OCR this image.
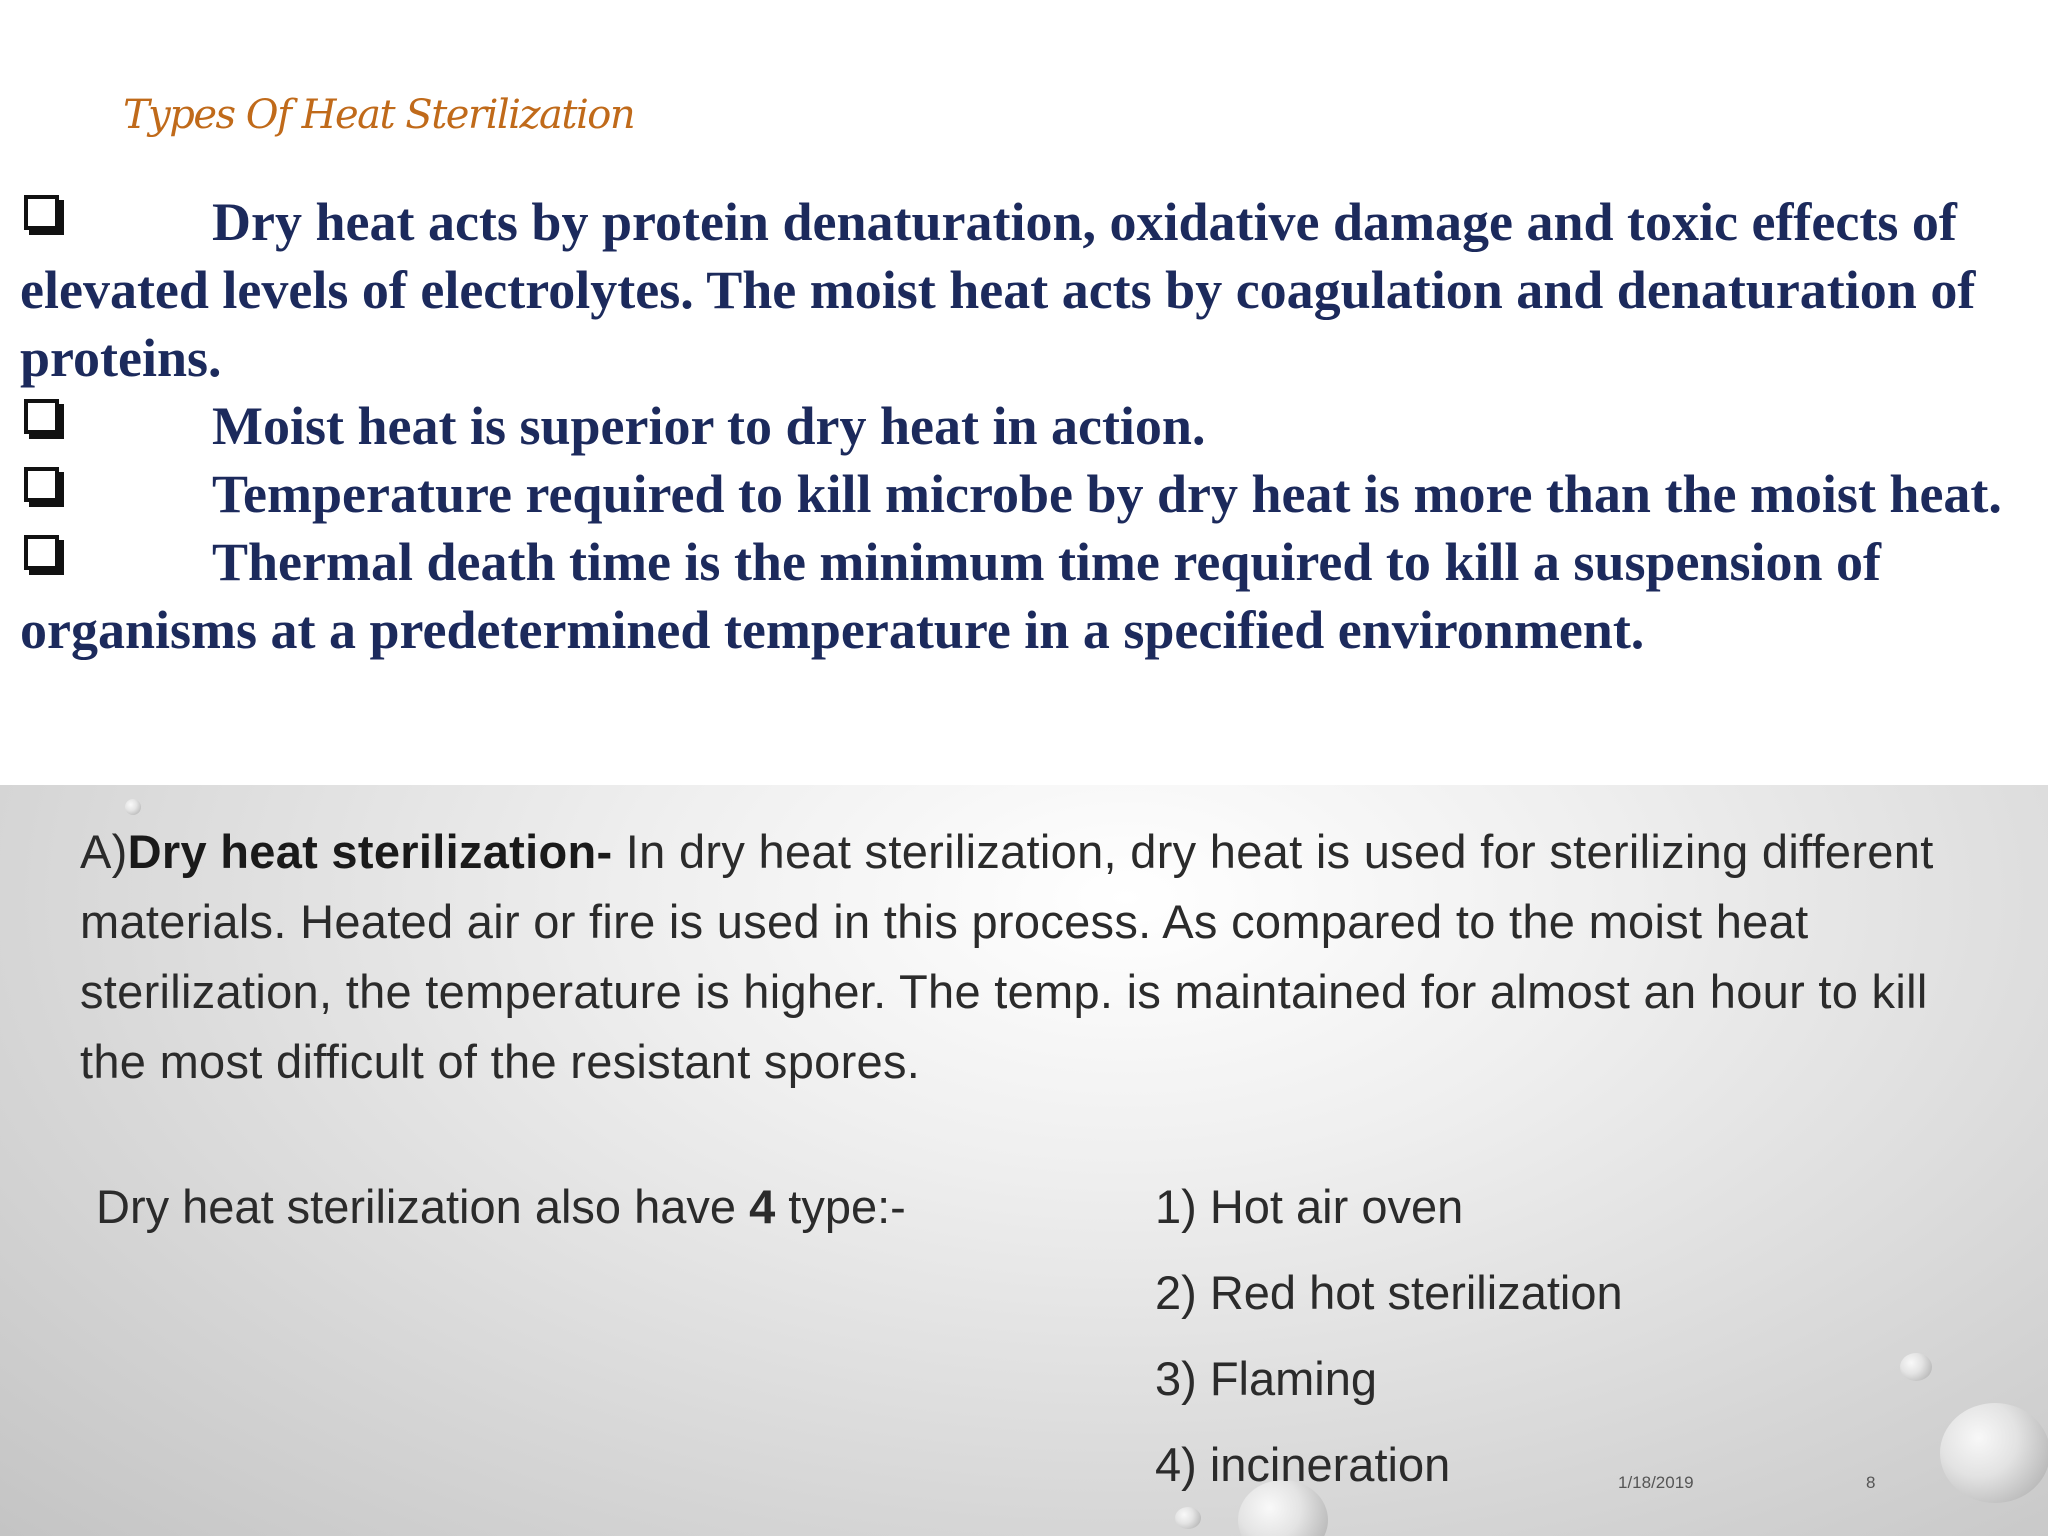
Types Of Heat Sterilization

Dry heat acts by protein denaturation, oxidative damage and toxic effects of elevated levels of electrolytes. The moist heat acts by coagulation and denaturation of proteins.

Moist heat is superior to dry heat in action.

Temperature required to kill microbe by dry heat is more than the moist heat.

Thermal death time is the minimum time required to kill a suspension of organisms at a predetermined temperature in a specified environment.

A)Dry heat sterilization- In dry heat sterilization, dry heat is used for sterilizing different materials. Heated air or fire is used in this process. As compared to the moist heat sterilization, the temperature is higher. The temp. is maintained for almost an hour to kill the most difficult of the resistant spores.
Dry heat sterilization also have 4 type:-	1) Hot air oven
2) Red hot sterilization
3) Flaming
4) incineration	1/18/2019	8
